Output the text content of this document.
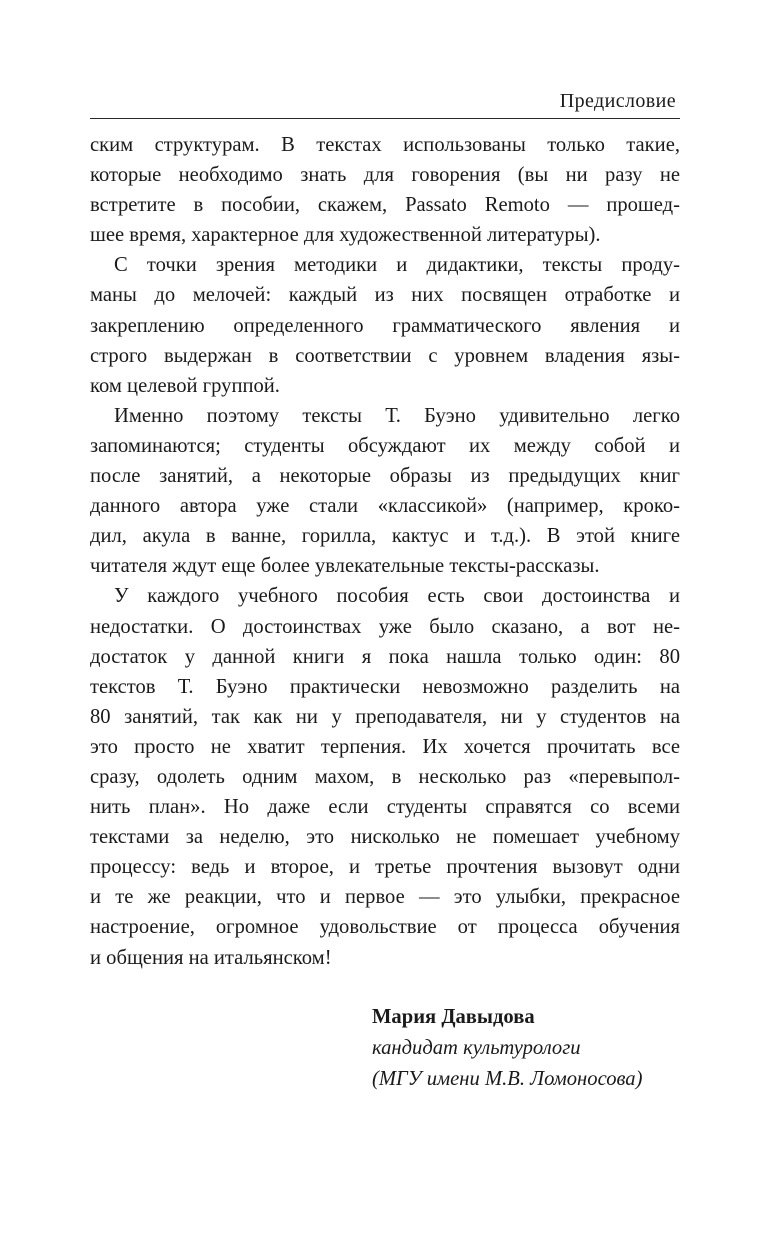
Предисловие
ским структурам. В текстах использованы только такие,
которые необходимо знать для говорения (вы ни разу не
встретите в пособии, скажем, Passato Remoto — прошед-
шее время, характерное для художественной литературы).
С точки зрения методики и дидактики, тексты проду-
маны до мелочей: каждый из них посвящен отработке и
закреплению определенного грамматического явления и
строго выдержан в соответствии с уровнем владения язы-
ком целевой группой.
Именно поэтому тексты Т. Буэно удивительно легко
запоминаются; студенты обсуждают их между собой и
после занятий, а некоторые образы из предыдущих книг
данного автора уже стали «классикой» (например, кроко-
дил, акула в ванне, горилла, кактус и т.д.). В этой книге
читателя ждут еще более увлекательные тексты-рассказы.
У каждого учебного пособия есть свои достоинства и
недостатки. О достоинствах уже было сказано, а вот не-
достаток у данной книги я пока нашла только один: 80
текстов Т. Буэно практически невозможно разделить на
80 занятий, так как ни у преподавателя, ни у студентов на
это просто не хватит терпения. Их хочется прочитать все
сразу, одолеть одним махом, в несколько раз «перевыпол-
нить план». Но даже если студенты справятся со всеми
текстами за неделю, это нисколько не помешает учебному
процессу: ведь и второе, и третье прочтения вызовут одни
и те же реакции, что и первое — это улыбки, прекрасное
настроение, огромное удовольствие от процесса обучения
и общения на итальянском!
Мария Давыдова
кандидат культурологи
(МГУ имени М.В. Ломоносова)
